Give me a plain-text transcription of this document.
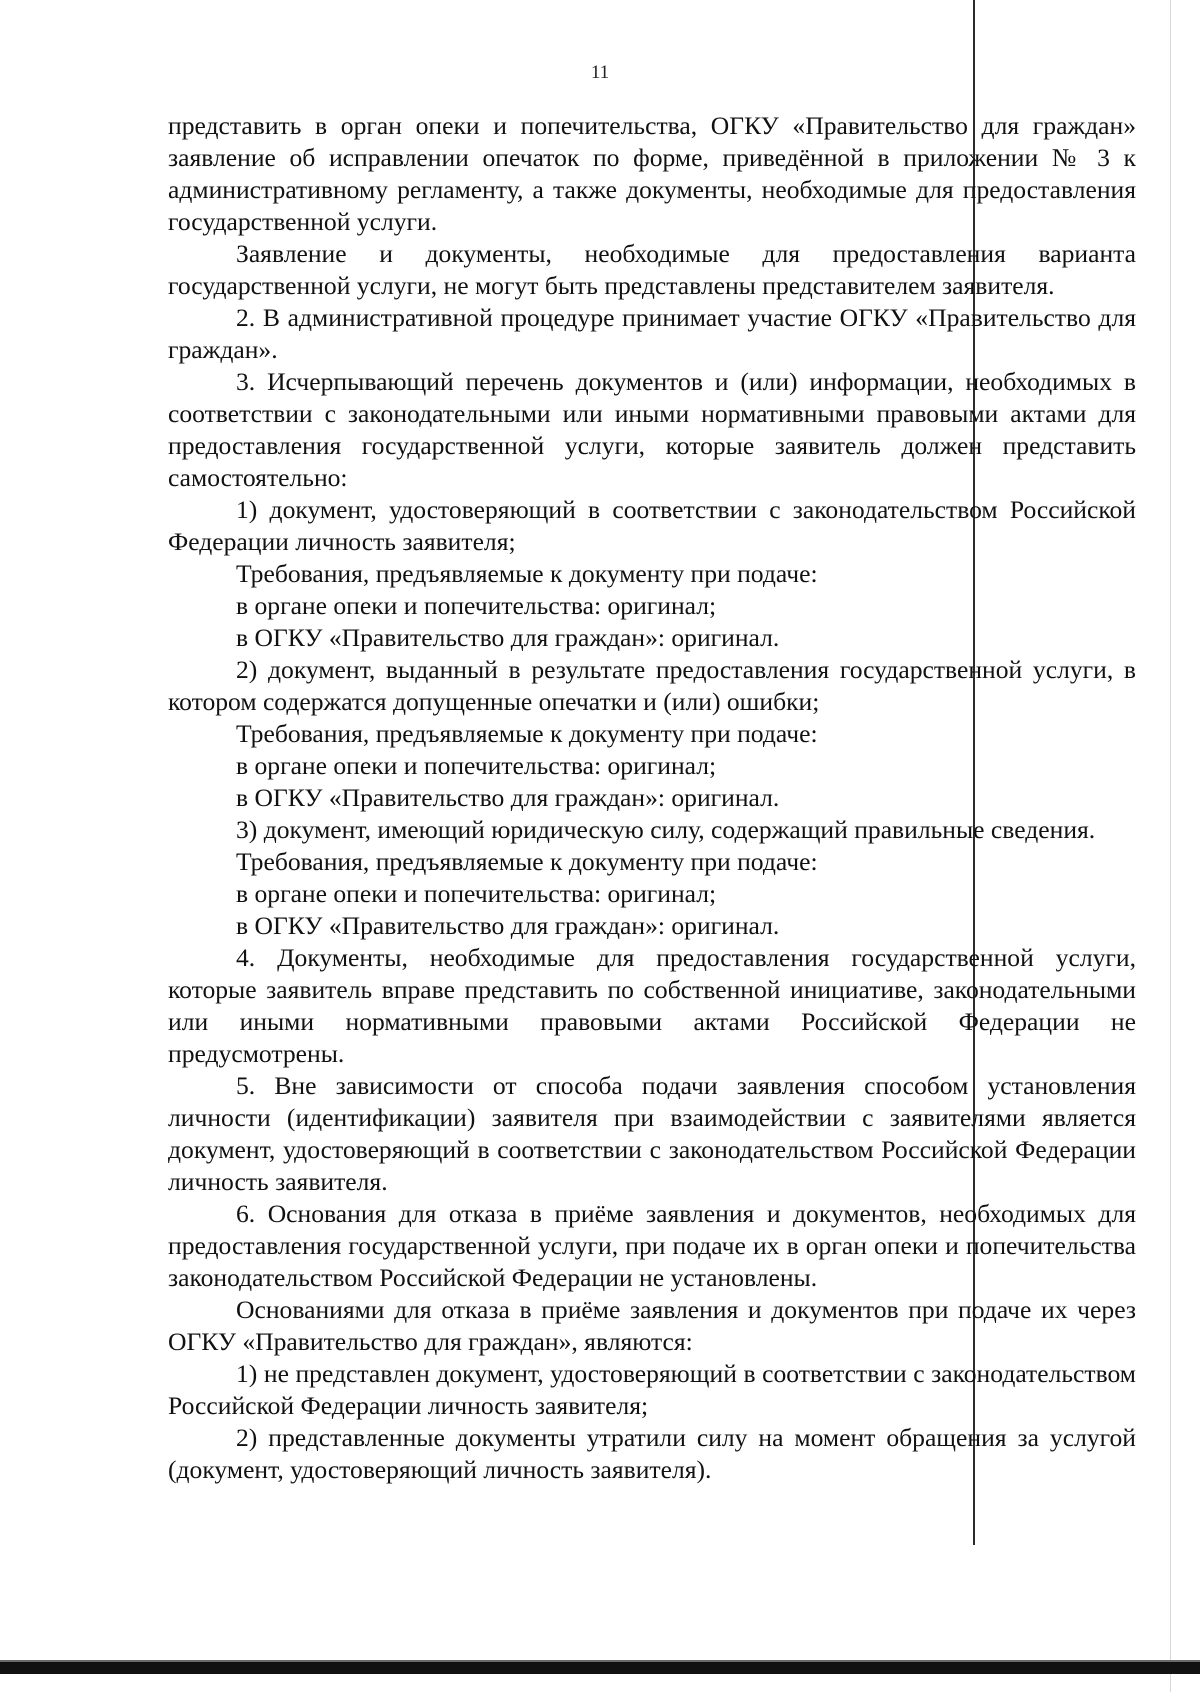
11

представить в орган опеки и попечительства, ОГКУ «Правительство для граждан» заявление об исправлении опечаток по форме, приведённой в приложении № 3 к административному регламенту, а также документы, необходимые для предоставления государственной услуги.

Заявление и документы, необходимые для предоставления варианта государственной услуги, не могут быть представлены представителем заявителя.

2. В административной процедуре принимает участие ОГКУ «Правительство для граждан».

3. Исчерпывающий перечень документов и (или) информации, необходимых в соответствии с законодательными или иными нормативными правовыми актами для предоставления государственной услуги, которые заявитель должен представить самостоятельно:

1) документ, удостоверяющий в соответствии с законодательством Российской Федерации личность заявителя;

Требования, предъявляемые к документу при подаче:

в органе опеки и попечительства: оригинал;

в ОГКУ «Правительство для граждан»: оригинал.

2) документ, выданный в результате предоставления государственной услуги, в котором содержатся допущенные опечатки и (или) ошибки;

Требования, предъявляемые к документу при подаче:

в органе опеки и попечительства: оригинал;

в ОГКУ «Правительство для граждан»: оригинал.

3) документ, имеющий юридическую силу, содержащий правильные сведения.

Требования, предъявляемые к документу при подаче:

в органе опеки и попечительства: оригинал;

в ОГКУ «Правительство для граждан»: оригинал.

4. Документы, необходимые для предоставления государственной услуги, которые заявитель вправе представить по собственной инициативе, законодательными или иными нормативными правовыми актами Российской Федерации не предусмотрены.

5. Вне зависимости от способа подачи заявления способом установления личности (идентификации) заявителя при взаимодействии с заявителями является документ, удостоверяющий в соответствии с законодательством Российской Федерации личность заявителя.

6. Основания для отказа в приёме заявления и документов, необходимых для предоставления государственной услуги, при подаче их в орган опеки и попечительства законодательством Российской Федерации не установлены.

Основаниями для отказа в приёме заявления и документов при подаче их через ОГКУ «Правительство для граждан», являются:

1) не представлен документ, удостоверяющий в соответствии с законодательством Российской Федерации личность заявителя;

2) представленные документы утратили силу на момент обращения за услугой (документ, удостоверяющий личность заявителя).
